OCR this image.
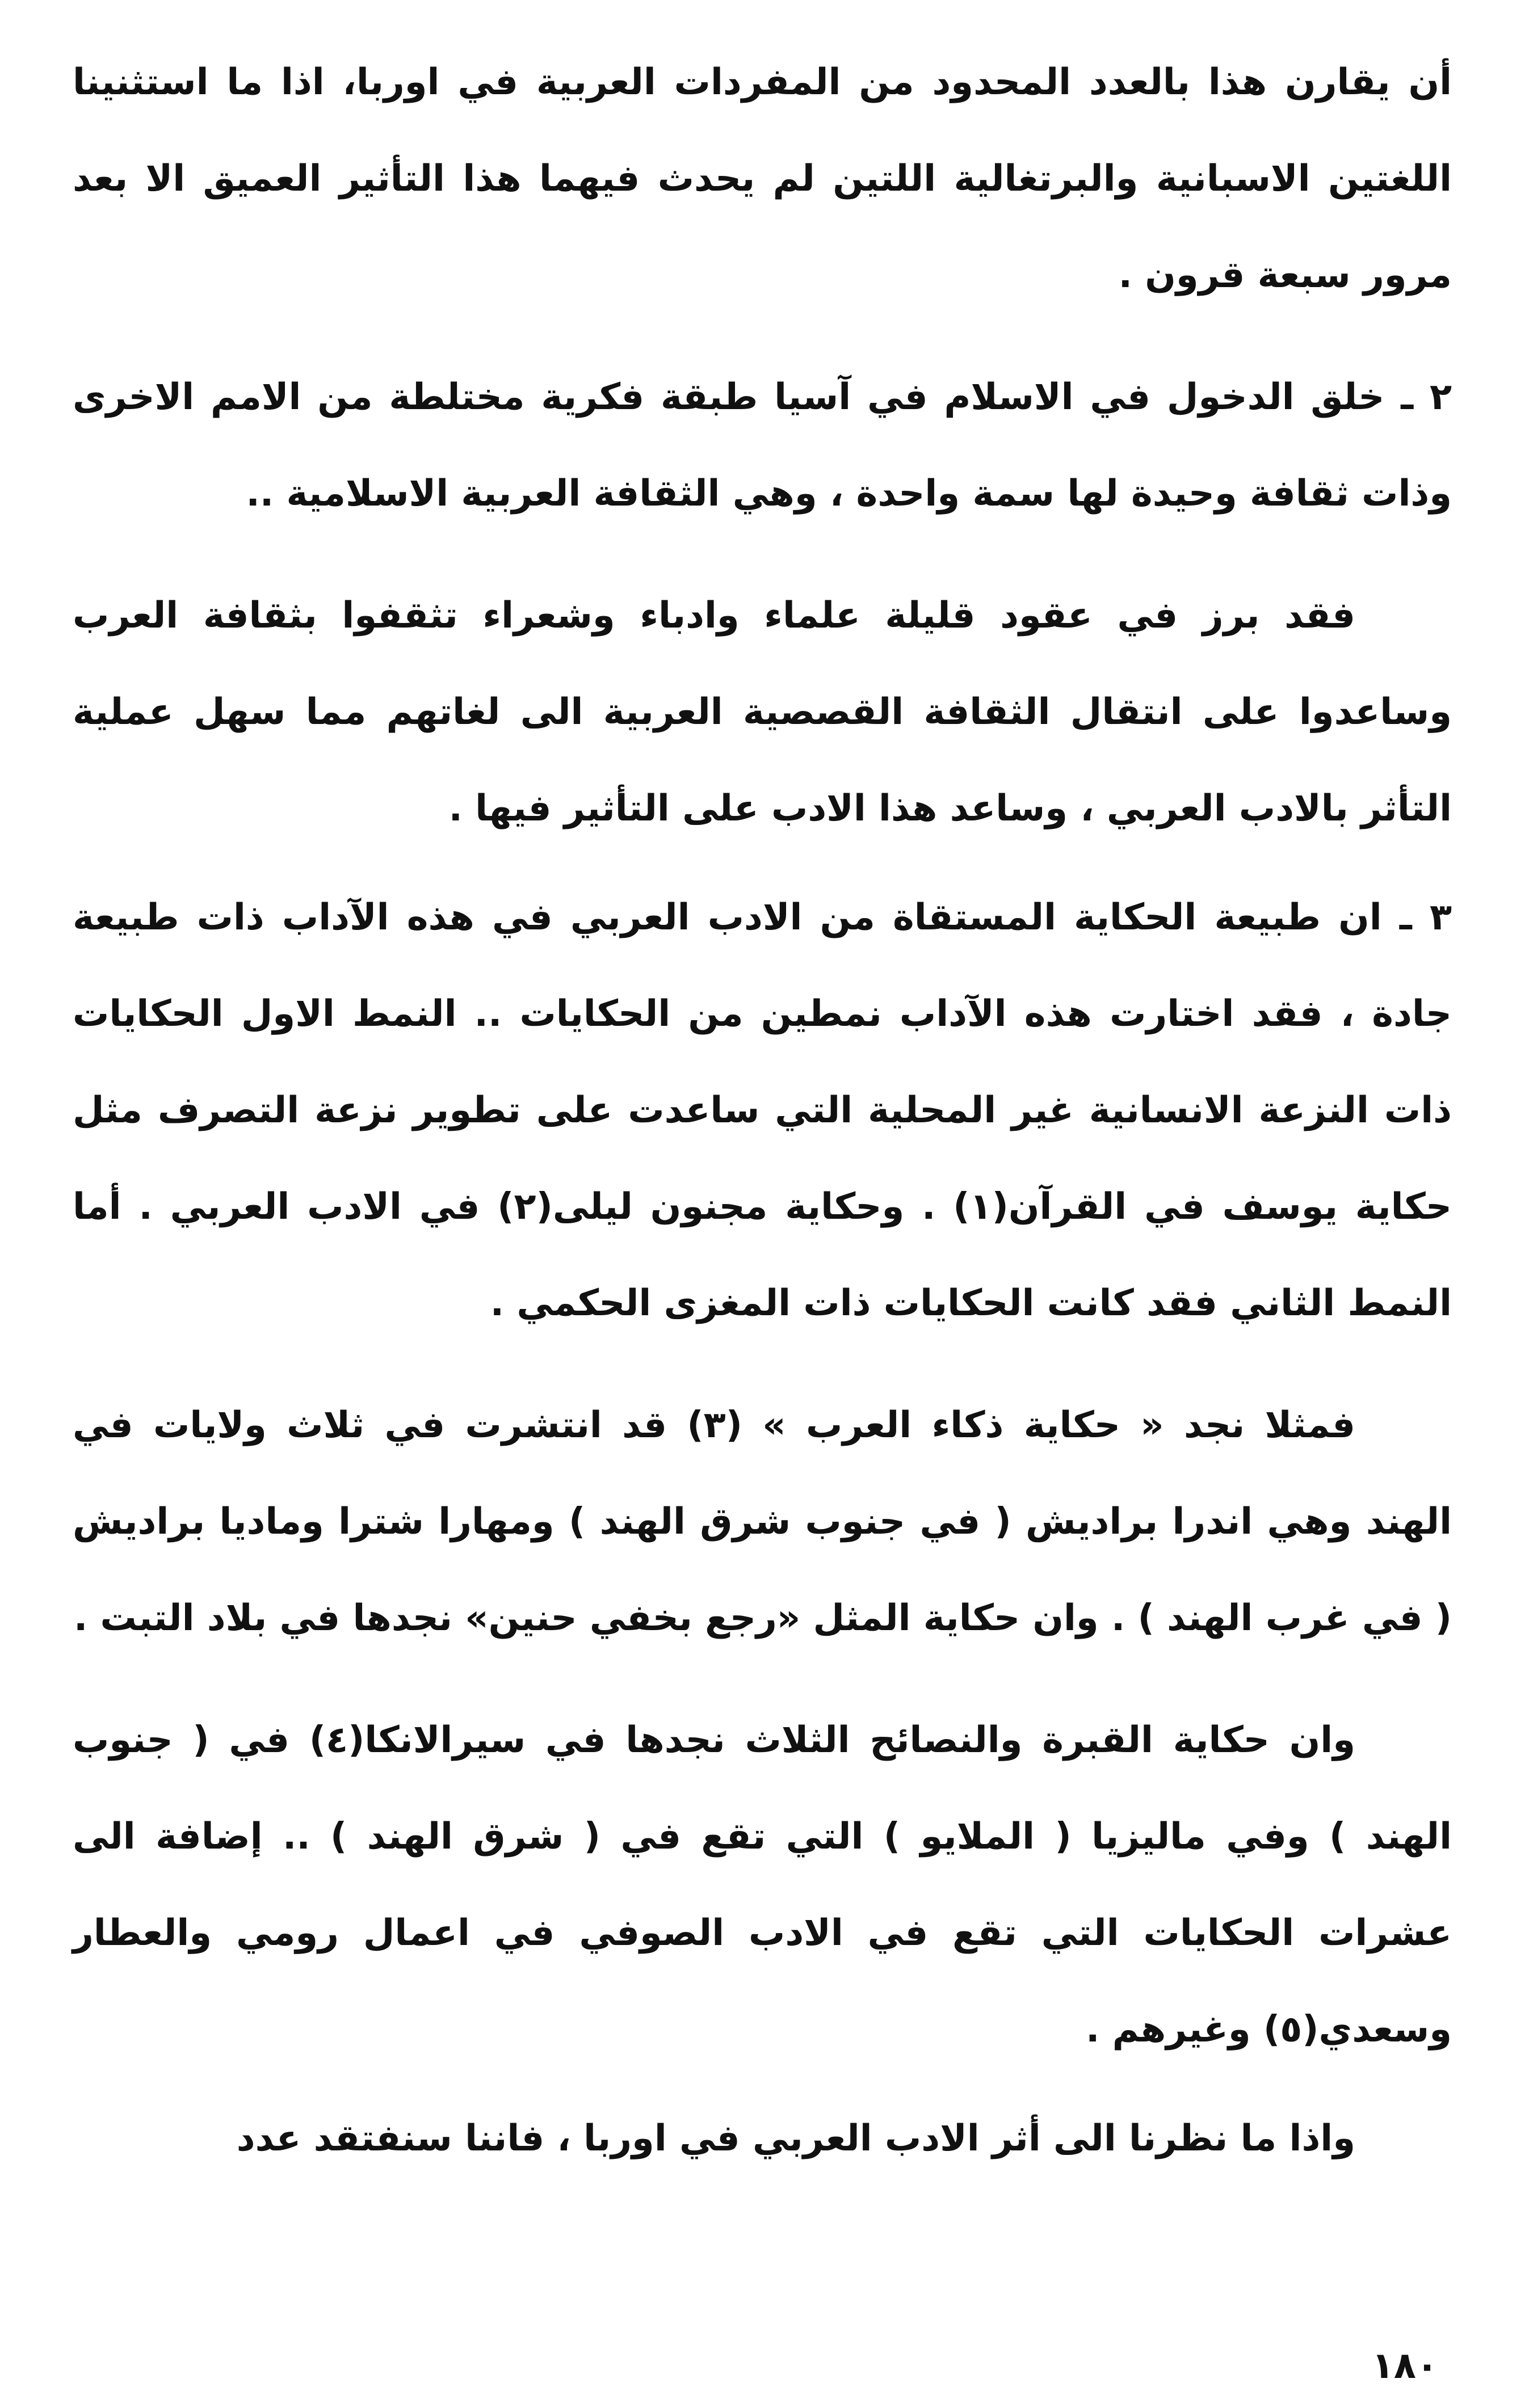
أن يقارن هذا بالعدد المحدود من المفردات العربية في اوربا، اذا ما استثنينا اللغتين الاسبانية والبرتغالية اللتين لم يحدث فيهما هذا التأثير العميق الا بعد مرور سبعة قرون .

٢ ـ خلق الدخول في الاسلام في آسيا طبقة فكرية مختلطة من الامم الاخرى وذات ثقافة وحيدة لها سمة واحدة ، وهي الثقافة العربية الاسلامية ..

فقد برز في عقود قليلة علماء وادباء وشعراء تثقفوا بثقافة العرب وساعدوا على انتقال الثقافة القصصية العربية الى لغاتهم مما سهل عملية التأثر بالادب العربي ، وساعد هذا الادب على التأثير فيها .

٣ ـ ان طبيعة الحكاية المستقاة من الادب العربي في هذه الآداب ذات طبيعة جادة ، فقد اختارت هذه الآداب نمطين من الحكايات .. النمط الاول الحكايات ذات النزعة الانسانية غير المحلية التي ساعدت على تطوير نزعة التصرف مثل حكاية يوسف في القرآن(١) . وحكاية مجنون ليلى(٢) في الادب العربي . أما النمط الثاني فقد كانت الحكايات ذات المغزى الحكمي .

فمثلا نجد « حكاية ذكاء العرب » (٣) قد انتشرت في ثلاث ولايات في الهند وهي اندرا براديش ( في جنوب شرق الهند ) ومهارا شترا وماديا براديش ( في غرب الهند ) . وان حكاية المثل «رجع بخفي حنين» نجدها في بلاد التبت .

وان حكاية القبرة والنصائح الثلاث نجدها في سيرالانكا(٤) في ( جنوب الهند ) وفي ماليزيا ( الملايو ) التي تقع في ( شرق الهند ) .. إضافة الى عشرات الحكايات التي تقع في الادب الصوفي في اعمال رومي والعطار وسعدي(٥) وغيرهم .

واذا ما نظرنا الى أثر الادب العربي في اوربا ، فاننا سنفتقد عدد

١٨٠
